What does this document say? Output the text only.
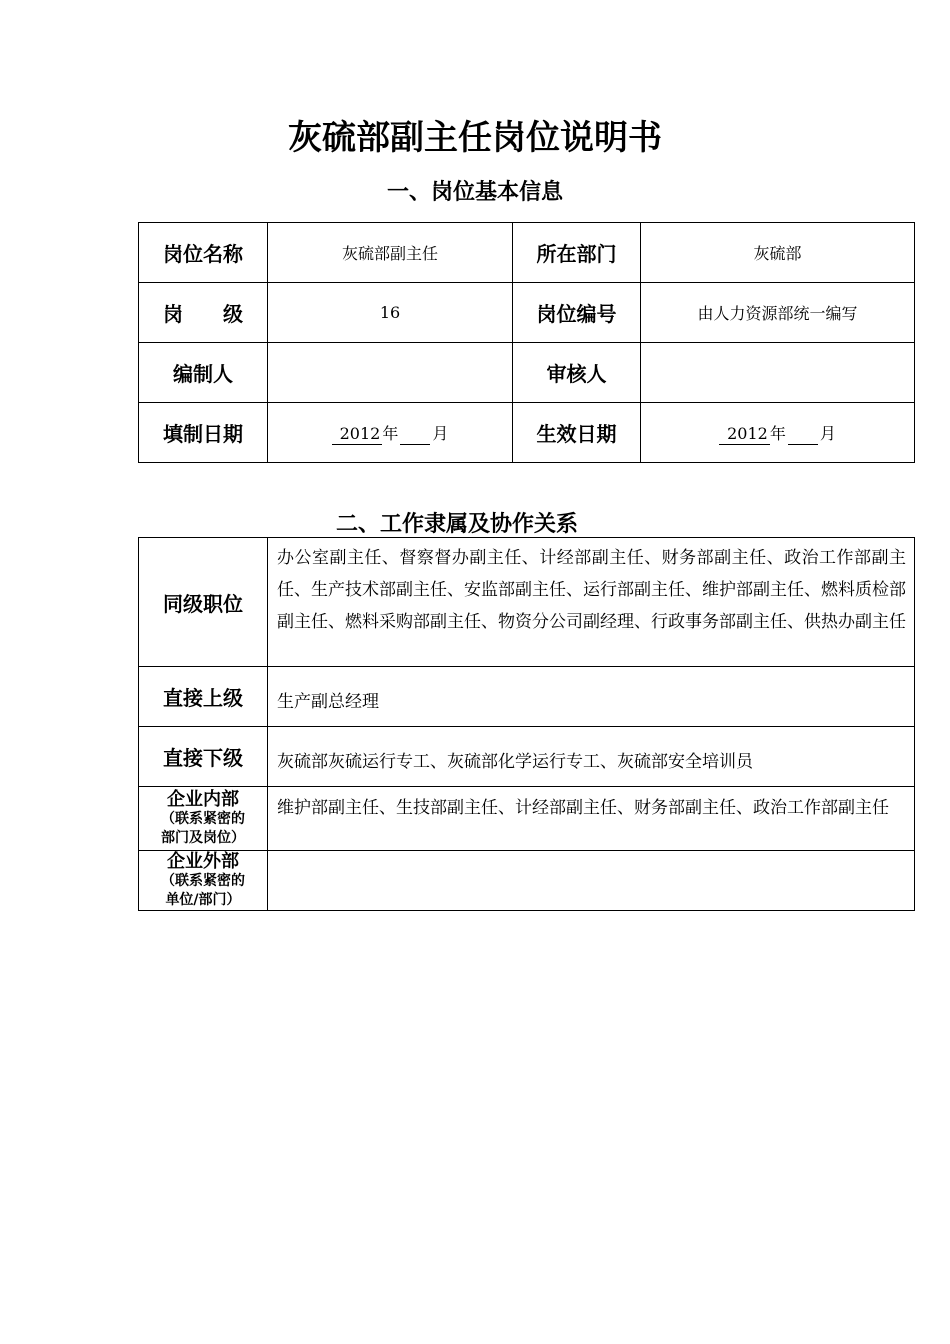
灰硫部副主任岗位说明书
一、岗位基本信息
岗位名称	灰硫部副主任	所在部门	灰硫部
岗　　级	16	岗位编号	由人力资源部统一编写
编制人		审核人	
填制日期	2012 年 月	生效日期	2012 年 月
二、工作隶属及协作关系
同级职位	办公室副主任、督察督办副主任、计经部副主任、财务部副主任、政治工作部副主任、生产技术部副主任、安监部副主任、运行部副主任、维护部副主任、燃料质检部副主任、燃料采购部副主任、物资分公司副经理、行政事务部副主任、供热办副主任
直接上级	生产副总经理
直接下级	灰硫部灰硫运行专工、灰硫部化学运行专工、灰硫部安全培训员

企业内部
（联系紧密的
部门及岗位）	维护部副主任、生技部副主任、计经部副主任、财务部副主任、政治工作部副主任

企业外部
（联系紧密的
单位/部门）	
